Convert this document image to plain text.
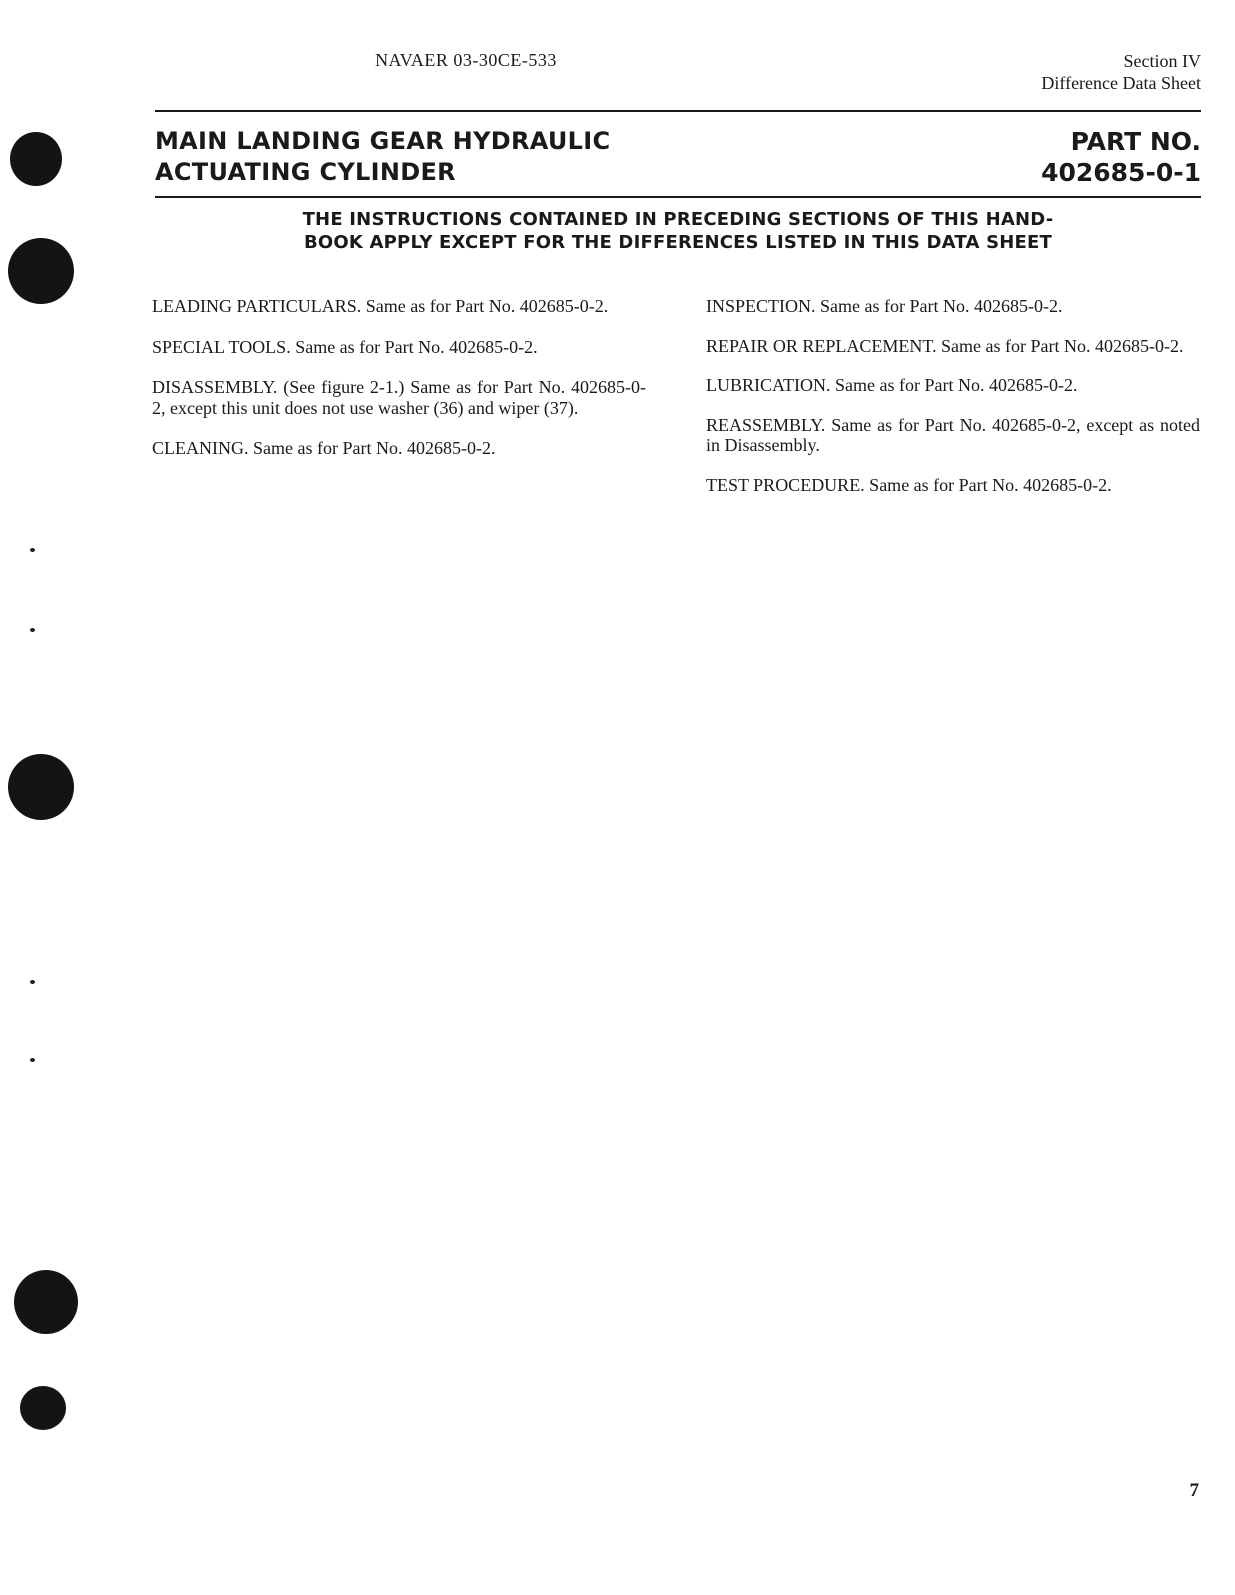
NAVAER 03-30CE-533	Section IV
Difference Data Sheet
MAIN LANDING GEAR HYDRAULIC
ACTUATING CYLINDER
PART NO.
402685-0-1
THE INSTRUCTIONS CONTAINED IN PRECEDING SECTIONS OF THIS HAND-
BOOK APPLY EXCEPT FOR THE DIFFERENCES LISTED IN THIS DATA SHEET

LEADING PARTICULARS. Same as for Part No. 402685-0-2.

SPECIAL TOOLS. Same as for Part No. 402685-0-2.

DISASSEMBLY. (See figure 2-1.) Same as for Part No. 402685-0-2, except this unit does not use washer (36) and wiper (37).

CLEANING. Same as for Part No. 402685-0-2.

INSPECTION. Same as for Part No. 402685-0-2.

REPAIR OR REPLACEMENT. Same as for Part No. 402685-0-2.

LUBRICATION. Same as for Part No. 402685-0-2.

REASSEMBLY. Same as for Part No. 402685-0-2, except as noted in Disassembly.

TEST PROCEDURE. Same as for Part No. 402685-0-2.

7
